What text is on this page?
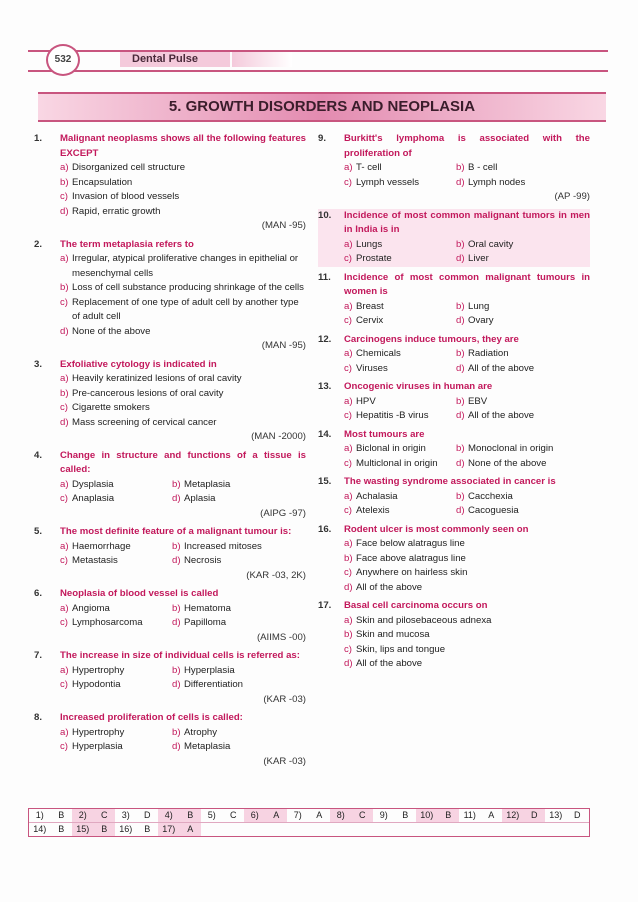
532	Dental Pulse
5. GROWTH DISORDERS AND NEOPLASIA
1.	Malignant neoplasms shows all the following features EXCEPT
a) Disorganized cell structure
b) Encapsulation
c) Invasion of blood vessels
d) Rapid, erratic growth
(MAN -95)
2.	The term metaplasia refers to
a) Irregular, atypical proliferative changes in epithelial or mesenchymal cells
b) Loss of cell substance producing shrinkage of the cells
c) Replacement of one type of adult cell by another type of adult cell
d) None of the above
(MAN -95)
3.	Exfoliative cytology is indicated in
a) Heavily keratinized lesions of oral cavity
b) Pre-cancerous lesions of oral cavity
c) Cigarette smokers
d) Mass screening of cervical cancer
(MAN -2000)
4.	Change in structure and functions of a tissue is called:
a) Dysplasia	b) Metaplasia
c) Anaplasia	d) Aplasia
(AIPG -97)
5.	The most definite feature of a malignant tumour is:
a) Haemorrhage	b) Increased mitoses
c) Metastasis	d) Necrosis
(KAR -03, 2K)
6.	Neoplasia of blood vessel is called
a) Angioma	b) Hematoma
c) Lymphosarcoma	d) Papilloma
(AIIMS -00)
7.	The increase in size of individual cells is referred as:
a) Hypertrophy	b) Hyperplasia
c) Hypodontia	d) Differentiation
(KAR -03)
8.	Increased proliferation of cells is called:
a) Hypertrophy	b) Atrophy
c) Hyperplasia	d) Metaplasia
(KAR -03)
9.	Burkitt's lymphoma is associated with the proliferation of
a) T- cell	b) B - cell
c) Lymph vessels	d) Lymph nodes
(AP -99)
10.	Incidence of most common malignant tumors in men in India is in
a) Lungs	b) Oral cavity
c) Prostate	d) Liver
11.	Incidence of most common malignant tumours in women is
a) Breast	b) Lung
c) Cervix	d) Ovary
12.	Carcinogens induce tumours, they are
a) Chemicals	b) Radiation
c) Viruses	d) All of the above
13.	Oncogenic viruses in human are
a) HPV	b) EBV
c) Hepatitis -B virus	d) All of the above
14.	Most tumours are
a) Biclonal in origin	b) Monoclonal in origin
c) Multiclonal in origin d) None of the above
15.	The wasting syndrome associated in cancer is
a) Achalasia	b) Cacchexia
c) Atelexis	d) Cacoguesia
16.	Rodent ulcer is most commonly seen on
a) Face below alatragus line
b) Face above alatragus line
c) Anywhere on hairless skin
d) All of the above
17.	Basal cell carcinoma occurs on
a) Skin and pilosebaceous adnexa
b) Skin and mucosa
c) Skin, lips and tongue
d) All of the above
1)	B	2)	C	3)	D	4)	B	5)	C	6)	A	7)	A	8)	C	9)	B	10)	B	11)	A	12)	D	13)	D
14)	B	15)	B	16)	B	17)	A
